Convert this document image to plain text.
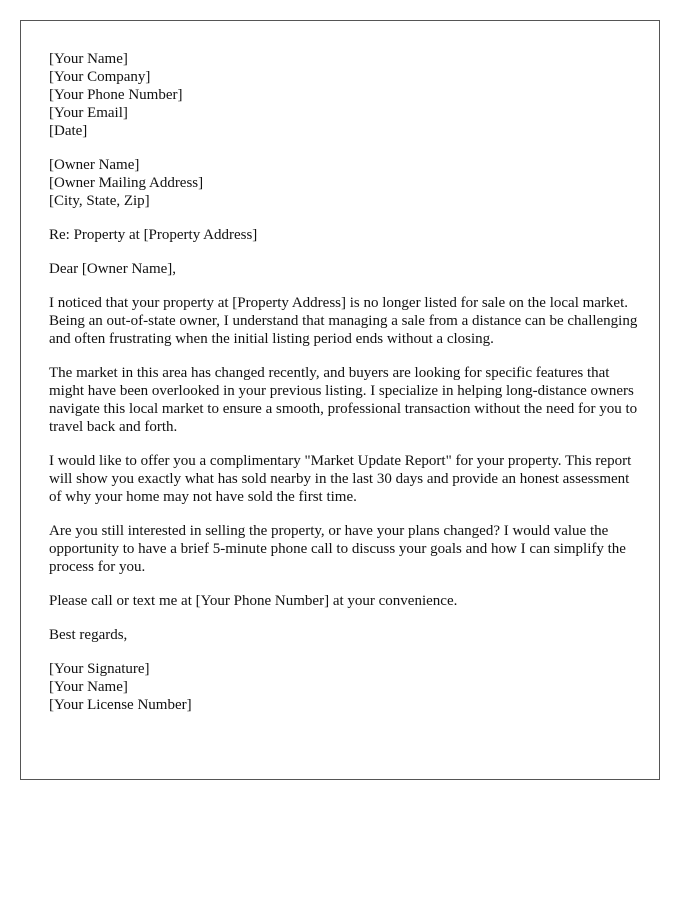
[Your Name]
[Your Company]
[Your Phone Number]
[Your Email]
[Date]
[Owner Name]
[Owner Mailing Address]
[City, State, Zip]

Re: Property at [Property Address]

Dear [Owner Name],

I noticed that your property at [Property Address] is no longer listed for sale on the local market. Being an out-of-state owner, I understand that managing a sale from a distance can be challenging and often frustrating when the initial listing period ends without a closing.

The market in this area has changed recently, and buyers are looking for specific features that might have been overlooked in your previous listing. I specialize in helping long-distance owners navigate this local market to ensure a smooth, professional transaction without the need for you to travel back and forth.

I would like to offer you a complimentary "Market Update Report" for your property. This report will show you exactly what has sold nearby in the last 30 days and provide an honest assessment of why your home may not have sold the first time.

Are you still interested in selling the property, or have your plans changed? I would value the opportunity to have a brief 5-minute phone call to discuss your goals and how I can simplify the process for you.

Please call or text me at [Your Phone Number] at your convenience.

Best regards,

[Your Signature]
[Your Name]
[Your License Number]
